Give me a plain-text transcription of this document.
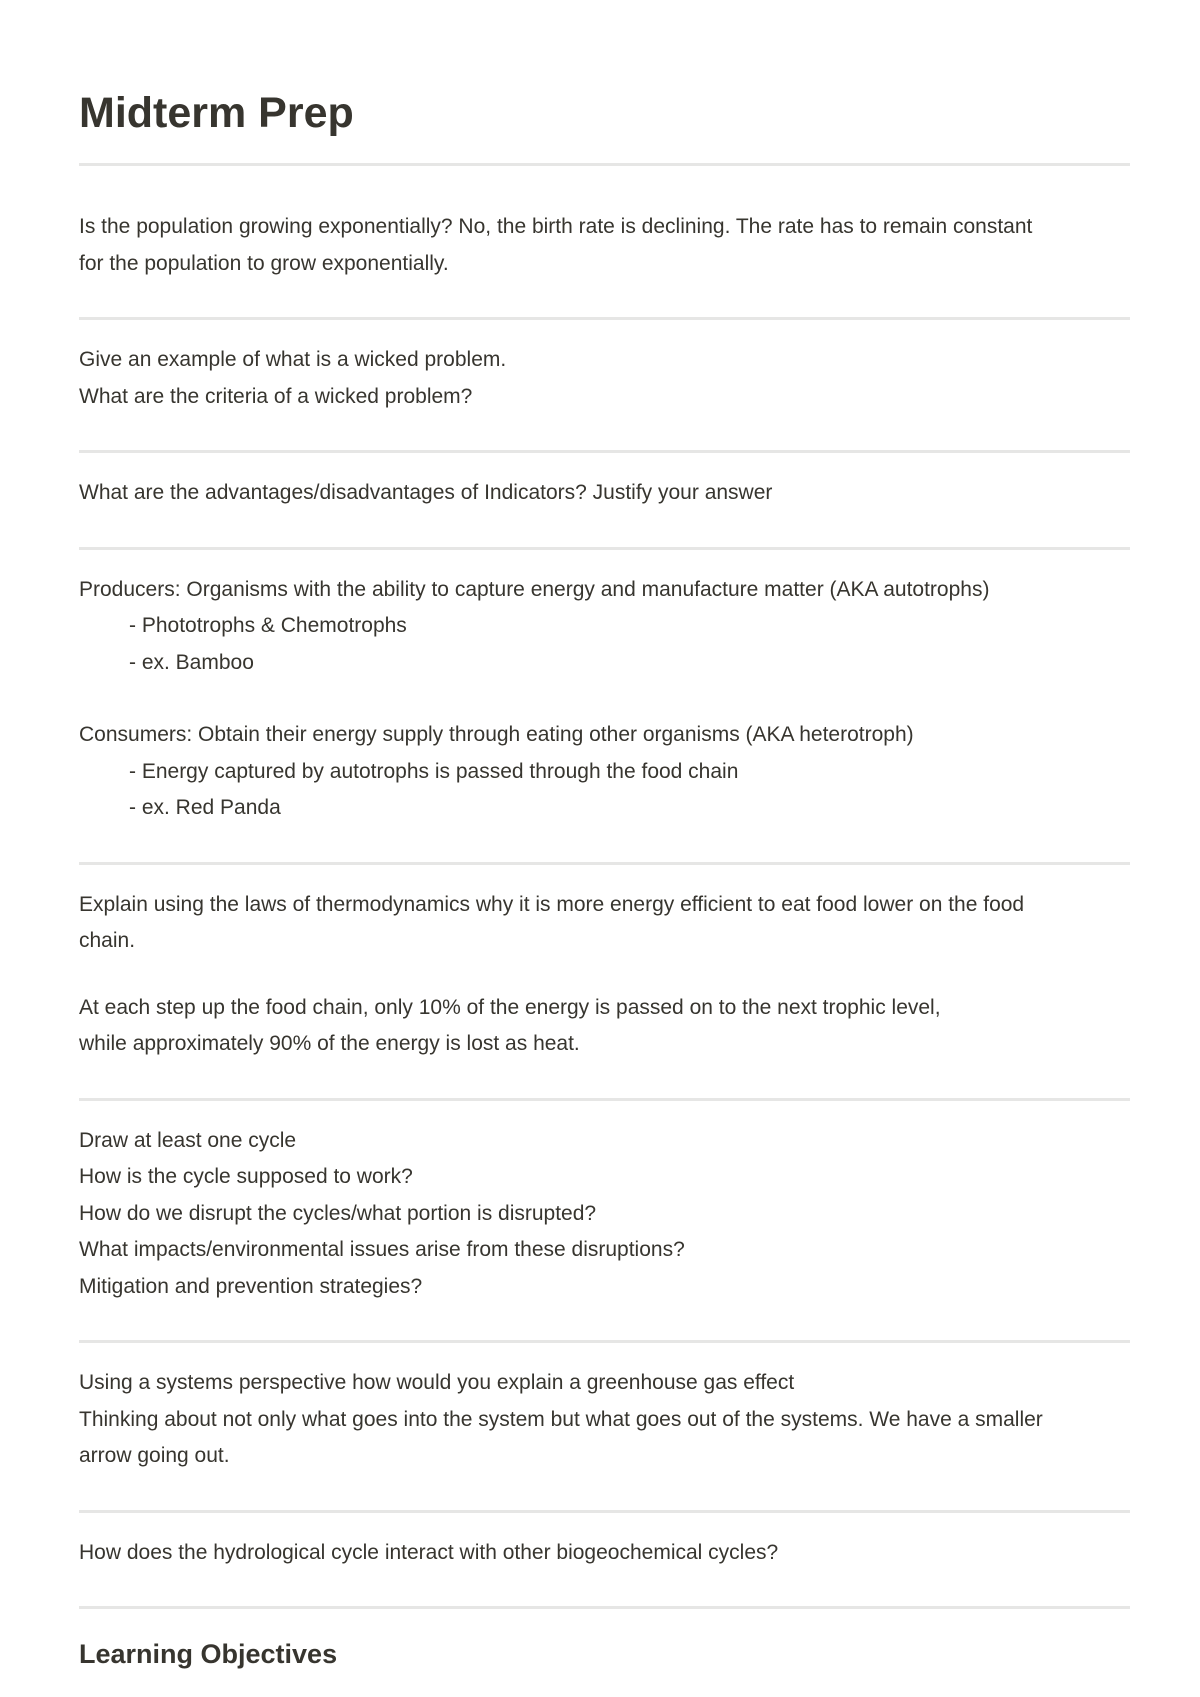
Midterm Prep

Is the population growing exponentially? No, the birth rate is declining. The rate has to remain constant

for the population to grow exponentially.

Give an example of what is a wicked problem.

What are the criteria of a wicked problem?

What are the advantages/disadvantages of Indicators? Justify your answer

Producers: Organisms with the ability to capture energy and manufacture matter (AKA autotrophs)

- Phototrophs & Chemotrophs

- ex. Bamboo

Consumers: Obtain their energy supply through eating other organisms (AKA heterotroph)

- Energy captured by autotrophs is passed through the food chain

- ex. Red Panda

Explain using the laws of thermodynamics why it is more energy efficient to eat food lower on the food

chain.

At each step up the food chain, only 10% of the energy is passed on to the next trophic level,

while approximately 90% of the energy is lost as heat.

Draw at least one cycle

How is the cycle supposed to work?

How do we disrupt the cycles/what portion is disrupted?

What impacts/environmental issues arise from these disruptions?

Mitigation and prevention strategies?

Using a systems perspective how would you explain a greenhouse gas effect

Thinking about not only what goes into the system but what goes out of the systems. We have a smaller

arrow going out.

How does the hydrological cycle interact with other biogeochemical cycles?

Learning Objectives
